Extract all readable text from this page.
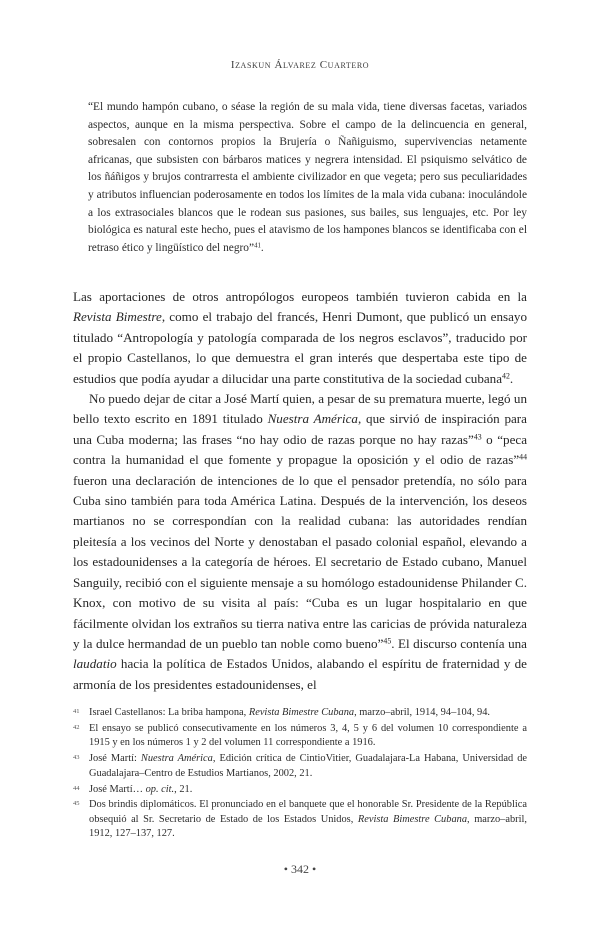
Izaskun Álvarez Cuartero
“El mundo hampón cubano, o séase la región de su mala vida, tiene diversas facetas, variados aspectos, aunque en la misma perspectiva. Sobre el campo de la delincuencia en general, sobresalen con contornos propios la Brujería o Ñañiguismo, supervivencias netamente africanas, que subsisten con bárbaros matices y negrera intensidad. El psiquismo selvático de los ñáñigos y brujos contrarresta el ambiente civilizador en que vegeta; pero sus peculiaridades y atributos influencian poderosamente en todos los límites de la mala vida cubana: inoculándole a los extrasociales blancos que le rodean sus pasiones, sus bailes, sus lenguajes, etc. Por ley biológica es natural este hecho, pues el atavismo de los hampones blancos se identificaba con el retraso ético y lingüístico del negro”$^{41}$.

Las aportaciones de otros antropólogos europeos también tuvieron cabida en la Revista Bimestre, como el trabajo del francés, Henri Dumont, que publicó un ensayo titulado “Antropología y patología comparada de los negros esclavos”, traducido por el propio Castellanos, lo que demuestra el gran interés que despertaba este tipo de estudios que podía ayudar a dilucidar una parte constitutiva de la sociedad cubana$^{42}$.

No puedo dejar de citar a José Martí quien, a pesar de su prematura muerte, legó un bello texto escrito en 1891 titulado Nuestra América, que sirvió de inspiración para una Cuba moderna; las frases “no hay odio de razas porque no hay razas”$^{43}$ o “peca contra la humanidad el que fomente y propague la oposición y el odio de razas”$^{44}$ fueron una declaración de intenciones de lo que el pensador pretendía, no sólo para Cuba sino también para toda América Latina. Después de la intervención, los deseos martianos no se correspondían con la realidad cubana: las autoridades rendían pleitesía a los vecinos del Norte y denostaban el pasado colonial español, elevando a los estadounidenses a la categoría de héroes. El secretario de Estado cubano, Manuel Sanguily, recibió con el siguiente mensaje a su homólogo estadounidense Philander C. Knox, con motivo de su visita al país: “Cuba es un lugar hospitalario en que fácilmente olvidan los extraños su tierra nativa entre las caricias de próvida naturaleza y la dulce hermandad de un pueblo tan noble como bueno”$^{45}$. El discurso contenía una laudatio hacia la política de Estados Unidos, alabando el espíritu de fraternidad y de armonía de los presidentes estadounidenses, el

41 Israel Castellanos: La briba hampona, Revista Bimestre Cubana, marzo–abril, 1914, 94–104, 94.
42 El ensayo se publicó consecutivamente en los números 3, 4, 5 y 6 del volumen 10 correspondiente a 1915 y en los números 1 y 2 del volumen 11 correspondiente a 1916.
43 José Martí: Nuestra América, Edición crítica de CintioVitier, Guadalajara-La Habana, Universidad de Guadalajara–Centro de Estudios Martianos, 2002, 21.
44 José Martí… op. cit., 21.
45 Dos brindis diplomáticos. El pronunciado en el banquete que el honorable Sr. Presidente de la República obsequió al Sr. Secretario de Estado de los Estados Unidos, Revista Bimestre Cubana, marzo–abril, 1912, 127–137, 127.
• 342 •
